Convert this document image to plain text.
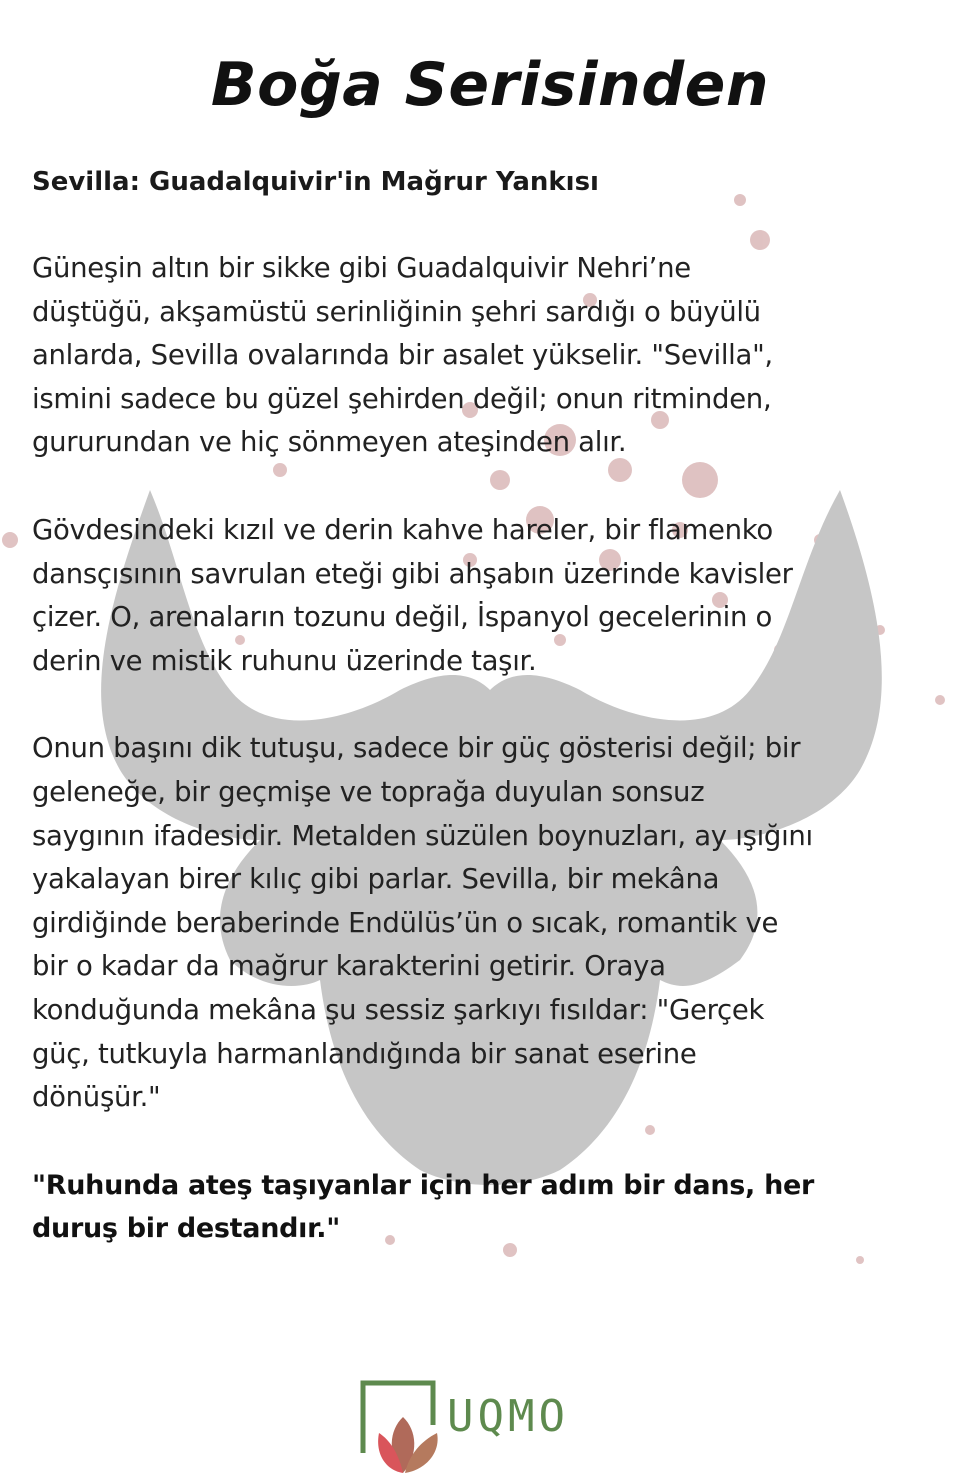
Boğa Serisinden
Sevilla: Guadalquivir'in Mağrur Yankısı
Güneşin altın bir sikke gibi Guadalquivir Nehri’ne
düştüğü, akşamüstü serinliğinin şehri sardığı o büyülü
anlarda, Sevilla ovalarında bir asalet yükselir. "Sevilla",
ismini sadece bu güzel şehirden değil; onun ritminden,
gururundan ve hiç sönmeyen ateşinden alır.
Gövdesindeki kızıl ve derin kahve hareler, bir flamenko
dansçısının savrulan eteği gibi ahşabın üzerinde kavisler
çizer. O, arenaların tozunu değil, İspanyol gecelerinin o
derin ve mistik ruhunu üzerinde taşır.
Onun başını dik tutuşu, sadece bir güç gösterisi değil; bir
geleneğe, bir geçmişe ve toprağa duyulan sonsuz
saygının ifadesidir. Metalden süzülen boynuzları, ay ışığını
yakalayan birer kılıç gibi parlar. Sevilla, bir mekâna
girdiğinde beraberinde Endülüs’ün o sıcak, romantik ve
bir o kadar da mağrur karakterini getirir. Oraya
konduğunda mekâna şu sessiz şarkıyı fısıldar: "Gerçek
güç, tutkuyla harmanlandığında bir sanat eserine
dönüşür."
"Ruhunda ateş taşıyanlar için her adım bir dans, her
duruş bir destandır."
UQMO
